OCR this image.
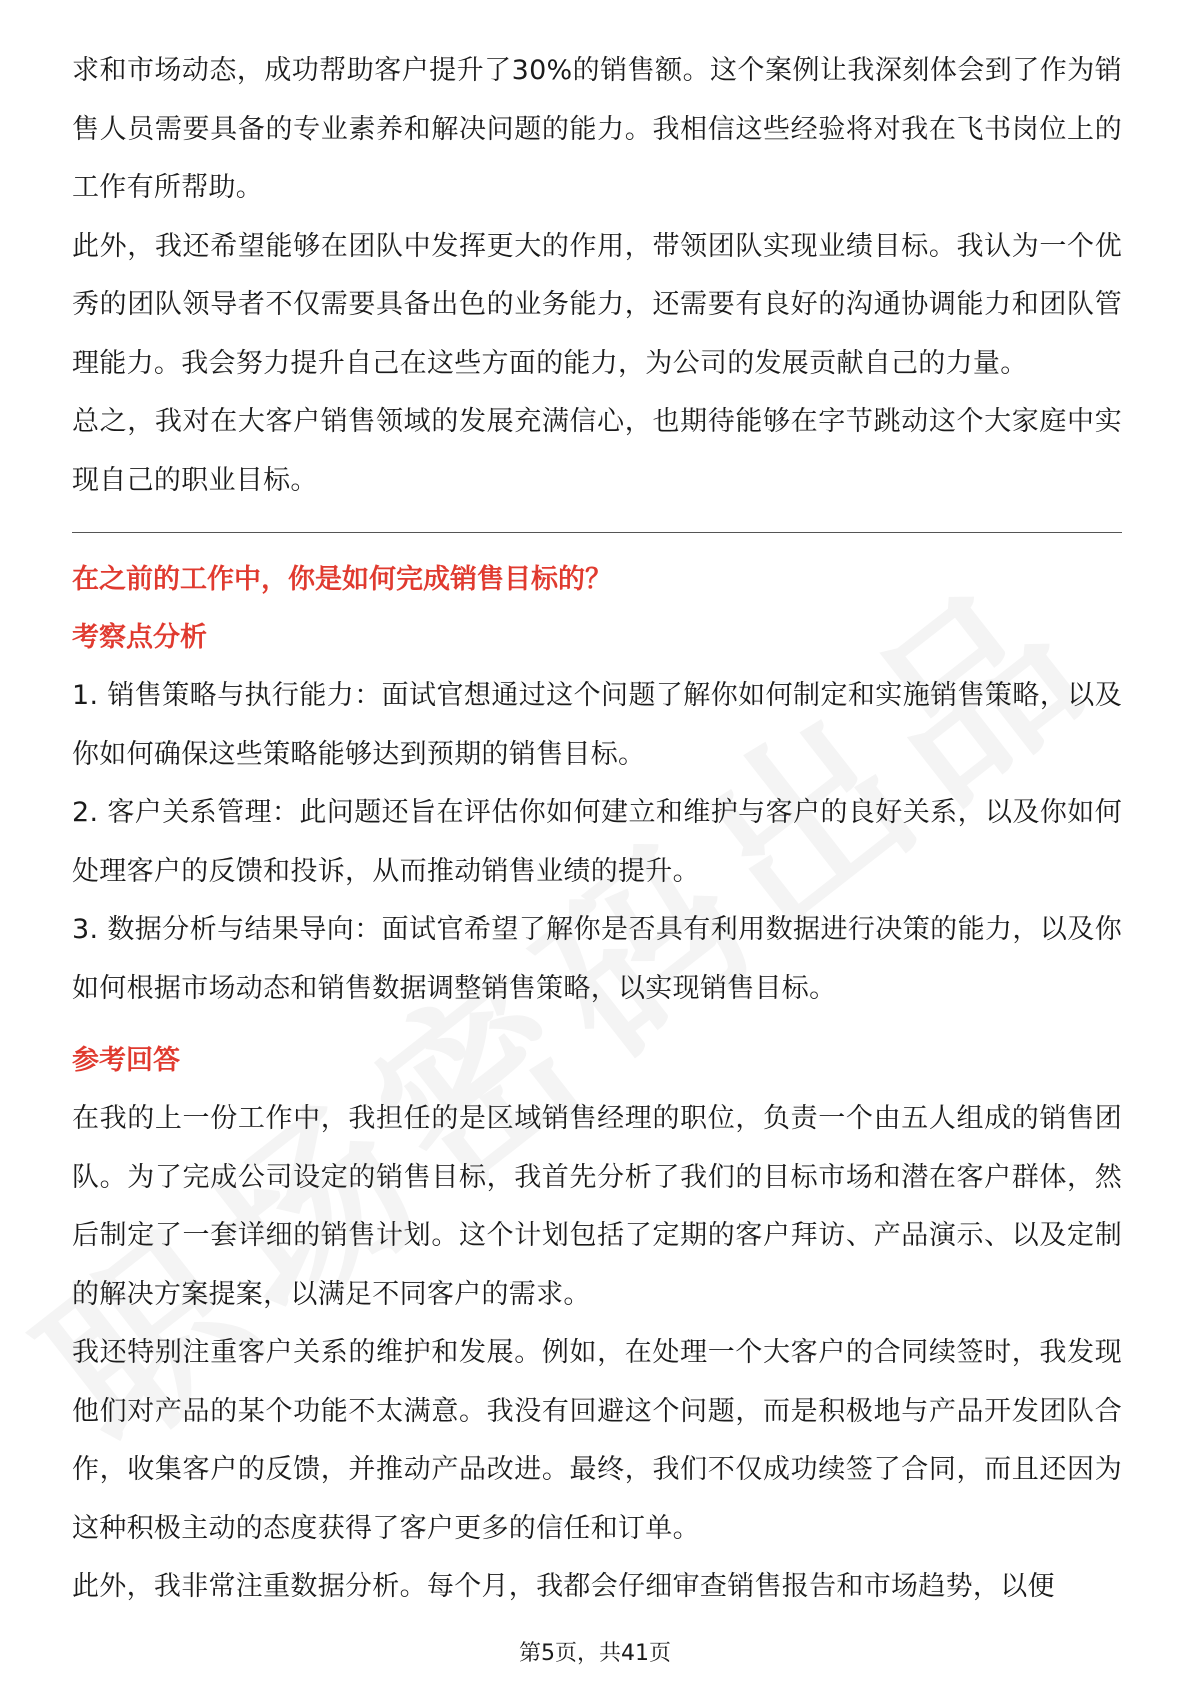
求和市场动态，成功帮助客户提升了30%的销售额。这个案例让我深刻体会到了作为销售人员需要具备的专业素养和解决问题的能力。我相信这些经验将对我在飞书岗位上的工作有所帮助。

此外，我还希望能够在团队中发挥更大的作用，带领团队实现业绩目标。我认为一个优秀的团队领导者不仅需要具备出色的业务能力，还需要有良好的沟通协调能力和团队管理能力。我会努力提升自己在这些方面的能力，为公司的发展贡献自己的力量。

总之，我对在大客户销售领域的发展充满信心，也期待能够在字节跳动这个大家庭中实现自己的职业目标。

在之前的工作中，你是如何完成销售目标的？
考察点分析

1. 销售策略与执行能力：面试官想通过这个问题了解你如何制定和实施销售策略，以及你如何确保这些策略能够达到预期的销售目标。

2. 客户关系管理：此问题还旨在评估你如何建立和维护与客户的良好关系，以及你如何处理客户的反馈和投诉，从而推动销售业绩的提升。

3. 数据分析与结果导向：面试官希望了解你是否具有利用数据进行决策的能力，以及你如何根据市场动态和销售数据调整销售策略，以实现销售目标。

参考回答

在我的上一份工作中，我担任的是区域销售经理的职位，负责一个由五人组成的销售团队。为了完成公司设定的销售目标，我首先分析了我们的目标市场和潜在客户群体，然后制定了一套详细的销售计划。这个计划包括了定期的客户拜访、产品演示、以及定制的解决方案提案，以满足不同客户的需求。

我还特别注重客户关系的维护和发展。例如，在处理一个大客户的合同续签时，我发现他们对产品的某个功能不太满意。我没有回避这个问题，而是积极地与产品开发团队合作，收集客户的反馈，并推动产品改进。最终，我们不仅成功续签了合同，而且还因为这种积极主动的态度获得了客户更多的信任和订单。

此外，我非常注重数据分析。每个月，我都会仔细审查销售报告和市场趋势，以便

第5页，共41页
